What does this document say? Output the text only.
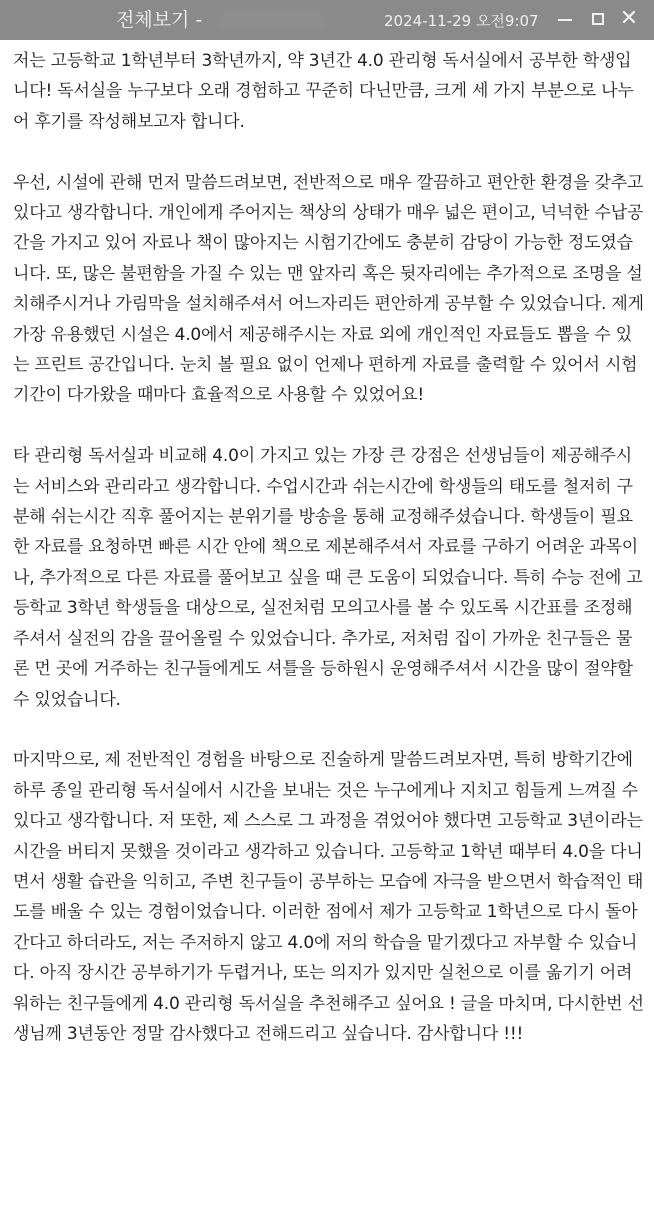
전체보기 -	2024-11-29 오전9:07	✕

저는 고등학교 1학년부터 3학년까지, 약 3년간 4.0 관리형 독서실에서 공부한 학생입니다! 독서실을 누구보다 오래 경험하고 꾸준히 다닌만큼, 크게 세 가지 부분으로 나누어 후기를 작성해보고자 합니다.

우선, 시설에 관해 먼저 말씀드려보면, 전반적으로 매우 깔끔하고 편안한 환경을 갖추고 있다고 생각합니다. 개인에게 주어지는 책상의 상태가 매우 넓은 편이고, 넉넉한 수납공간을 가지고 있어 자료나 책이 많아지는 시험기간에도 충분히 감당이 가능한 정도였습니다. 또, 많은 불편함을 가질 수 있는 맨 앞자리 혹은 뒷자리에는 추가적으로 조명을 설치해주시거나 가림막을 설치해주셔서 어느자리든 편안하게 공부할 수 있었습니다. 제게 가장 유용했던 시설은 4.0에서 제공해주시는 자료 외에 개인적인 자료들도 뽑을 수 있는 프린트 공간입니다. 눈치 볼 필요 없이 언제나 편하게 자료를 출력할 수 있어서 시험기간이 다가왔을 때마다 효율적으로 사용할 수 있었어요!

타 관리형 독서실과 비교해 4.0이 가지고 있는 가장 큰 강점은 선생님들이 제공해주시는 서비스와 관리라고 생각합니다. 수업시간과 쉬는시간에 학생들의 태도를 철저히 구분해 쉬는시간 직후 풀어지는 분위기를 방송을 통해 교정해주셨습니다. 학생들이 필요한 자료를 요청하면 빠른 시간 안에 책으로 제본해주셔서 자료를 구하기 어려운 과목이나, 추가적으로 다른 자료를 풀어보고 싶을 때 큰 도움이 되었습니다. 특히 수능 전에 고등학교 3학년 학생들을 대상으로, 실전처럼 모의고사를 볼 수 있도록 시간표를 조정해주셔서 실전의 감을 끌어올릴 수 있었습니다. 추가로, 저처럼 집이 가까운 친구들은 물론 먼 곳에 거주하는 친구들에게도 셔틀을 등하원시 운영해주셔서 시간을 많이 절약할 수 있었습니다.

마지막으로, 제 전반적인 경험을 바탕으로 진술하게 말씀드려보자면, 특히 방학기간에 하루 종일 관리형 독서실에서 시간을 보내는 것은 누구에게나 지치고 힘들게 느껴질 수 있다고 생각합니다. 저 또한, 제 스스로 그 과정을 겪었어야 했다면 고등학교 3년이라는 시간을 버티지 못했을 것이라고 생각하고 있습니다. 고등학교 1학년 때부터 4.0을 다니면서 생활 습관을 익히고, 주변 친구들이 공부하는 모습에 자극을 받으면서 학습적인 태도를 배울 수 있는 경험이었습니다. 이러한 점에서 제가 고등학교 1학년으로 다시 돌아간다고 하더라도, 저는 주저하지 않고 4.0에 저의 학습을 맡기겠다고 자부할 수 있습니다. 아직 장시간 공부하기가 두렵거나, 또는 의지가 있지만 실천으로 이를 옮기기 어려워하는 친구들에게 4.0 관리형 독서실을 추천해주고 싶어요 ! 글을 마치며, 다시한번 선생님께 3년동안 정말 감사했다고 전해드리고 싶습니다. 감사합니다 !!!
